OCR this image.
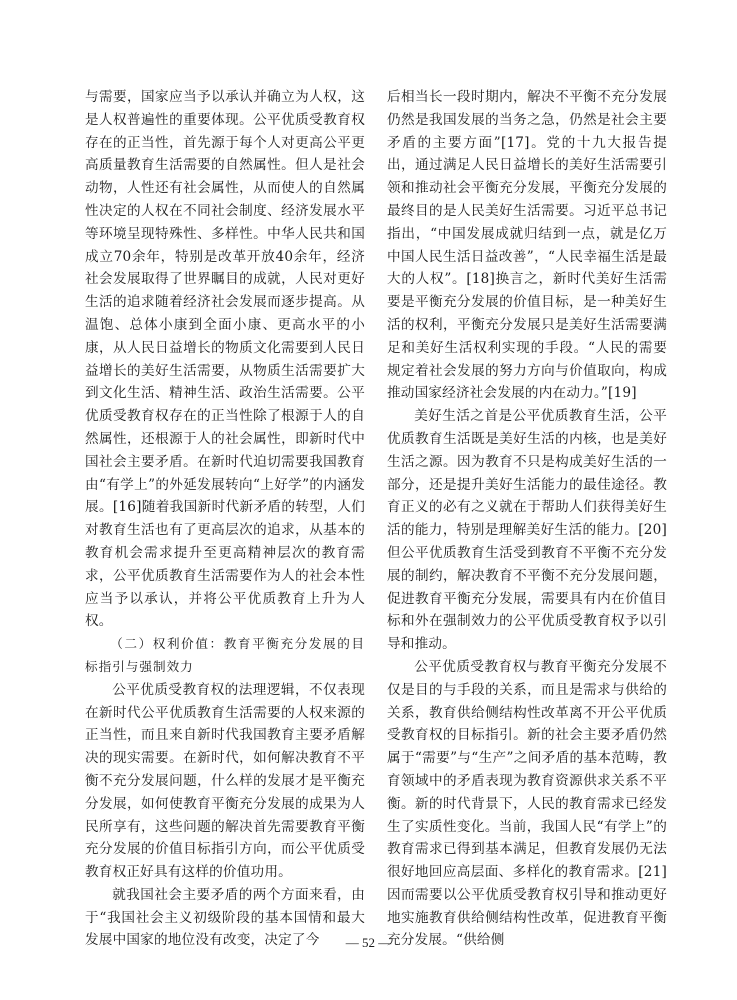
与需要，国家应当予以承认并确立为人权，这是人权普遍性的重要体现。公平优质受教育权存在的正当性，首先源于每个人对更高公平更高质量教育生活需要的自然属性。但人是社会动物，人性还有社会属性，从而使人的自然属性决定的人权在不同社会制度、经济发展水平等环境呈现特殊性、多样性。中华人民共和国成立70余年，特别是改革开放40余年，经济社会发展取得了世界瞩目的成就，人民对更好生活的追求随着经济社会发展而逐步提高。从温饱、总体小康到全面小康、更高水平的小康，从人民日益增长的物质文化需要到人民日益增长的美好生活需要，从物质生活需要扩大到文化生活、精神生活、政治生活需要。公平优质受教育权存在的正当性除了根源于人的自然属性，还根源于人的社会属性，即新时代中国社会主要矛盾。在新时代迫切需要我国教育由“有学上”的外延发展转向“上好学”的内涵发展。[16]随着我国新时代新矛盾的转型，人们对教育生活也有了更高层次的追求，从基本的教育机会需求提升至更高精神层次的教育需求，公平优质教育生活需要作为人的社会本性应当予以承认，并将公平优质教育上升为人权。

（二）权利价值：教育平衡充分发展的目标指引与强制效力

公平优质受教育权的法理逻辑，不仅表现在新时代公平优质教育生活需要的人权来源的正当性，而且来自新时代我国教育主要矛盾解决的现实需要。在新时代，如何解决教育不平衡不充分发展问题，什么样的发展才是平衡充分发展，如何使教育平衡充分发展的成果为人民所享有，这些问题的解决首先需要教育平衡充分发展的价值目标指引方向，而公平优质受教育权正好具有这样的价值功用。

就我国社会主要矛盾的两个方面来看，由于“我国社会主义初级阶段的基本国情和最大发展中国家的地位没有改变，决定了今

后相当长一段时期内，解决不平衡不充分发展仍然是我国发展的当务之急，仍然是社会主要矛盾的主要方面”[17]。党的十九大报告提出，通过满足人民日益增长的美好生活需要引领和推动社会平衡充分发展，平衡充分发展的最终目的是人民美好生活需要。习近平总书记指出，“中国发展成就归结到一点，就是亿万中国人民生活日益改善”，“人民幸福生活是最大的人权”。[18]换言之，新时代美好生活需要是平衡充分发展的价值目标，是一种美好生活的权利，平衡充分发展只是美好生活需要满足和美好生活权利实现的手段。“人民的需要规定着社会发展的努力方向与价值取向，构成推动国家经济社会发展的内在动力。”[19]

美好生活之首是公平优质教育生活，公平优质教育生活既是美好生活的内核，也是美好生活之源。因为教育不只是构成美好生活的一部分，还是提升美好生活能力的最佳途径。教育正义的必有之义就在于帮助人们获得美好生活的能力，特别是理解美好生活的能力。[20]但公平优质教育生活受到教育不平衡不充分发展的制约，解决教育不平衡不充分发展问题，促进教育平衡充分发展，需要具有内在价值目标和外在强制效力的公平优质受教育权予以引导和推动。

公平优质受教育权与教育平衡充分发展不仅是目的与手段的关系，而且是需求与供给的关系，教育供给侧结构性改革离不开公平优质受教育权的目标指引。新的社会主要矛盾仍然属于“需要”与“生产”之间矛盾的基本范畴，教育领域中的矛盾表现为教育资源供求关系不平衡。新的时代背景下，人民的教育需求已经发生了实质性变化。当前，我国人民“有学上”的教育需求已得到基本满足，但教育发展仍无法很好地回应高层面、多样化的教育需求。[21]因而需要以公平优质受教育权引导和推动更好地实施教育供给侧结构性改革，促进教育平衡充分发展。“供给侧

— 52 —
